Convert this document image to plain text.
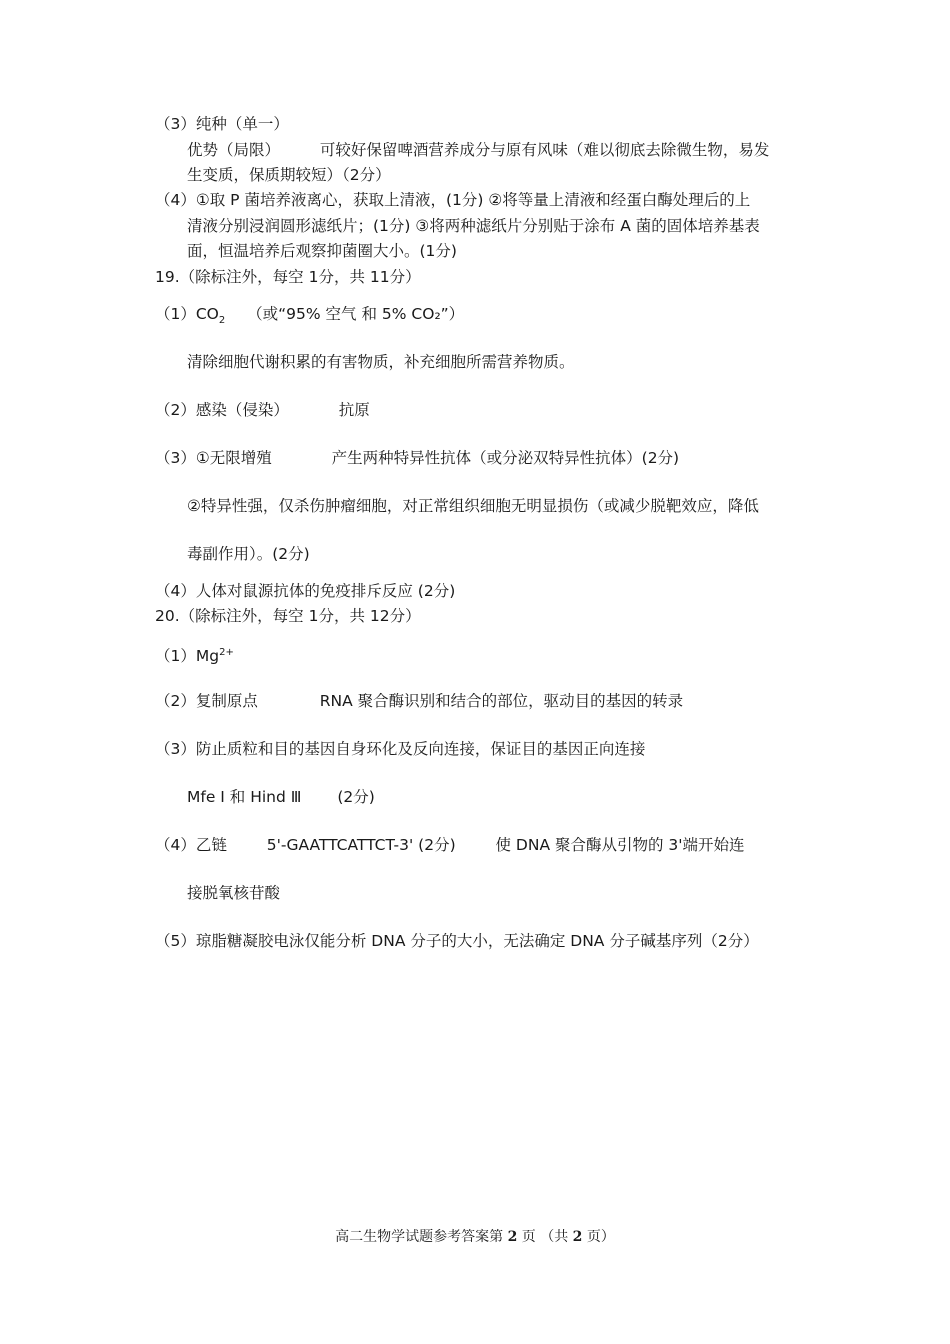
（3）纯种（单一）
优势（局限）	可较好保留啤酒营养成分与原有风味（难以彻底去除微生物，易发
生变质，保质期较短）（2分）
（4）①取 P 菌培养液离心，获取上清液，(1分) ②将等量上清液和经蛋白酶处理后的上
清液分别浸润圆形滤纸片；(1分) ③将两种滤纸片分别贴于涂布 A 菌的固体培养基表
面，恒温培养后观察抑菌圈大小。(1分)
19.（除标注外，每空 1分，共 11分）
$(1)CO_2$ （或“95% 空气 和 5% CO₂”）
清除细胞代谢积累的有害物质，补充细胞所需营养物质。
（2）感染（侵染）	抗原
（3）①无限增殖	产生两种特异性抗体（或分泌双特异性抗体）(2分)
②特异性强，仅杀伤肿瘤细胞，对正常组织细胞无明显损伤（或减少脱靶效应，降低
毒副作用）。(2分)
（4）人体对鼠源抗体的免疫排斥反应 (2分)
20.（除标注外，每空 1分，共 12分）
$(1)Mg^{2+}$
（2）复制原点	RNA 聚合酶识别和结合的部位，驱动目的基因的转录
（3）防止质粒和目的基因自身环化及反向连接，保证目的基因正向连接
Mfe Ⅰ 和 Hind Ⅲ (2分)
（4）乙链	5'-GAATTCATTCT-3' (2分)	使 DNA 聚合酶从引物的 3'端开始连
接脱氧核苷酸
（5）琼脂糖凝胶电泳仅能分析 DNA 分子的大小，无法确定 DNA 分子碱基序列（2分）
高二生物学试题参考答案第 2 页 （共 2 页）
